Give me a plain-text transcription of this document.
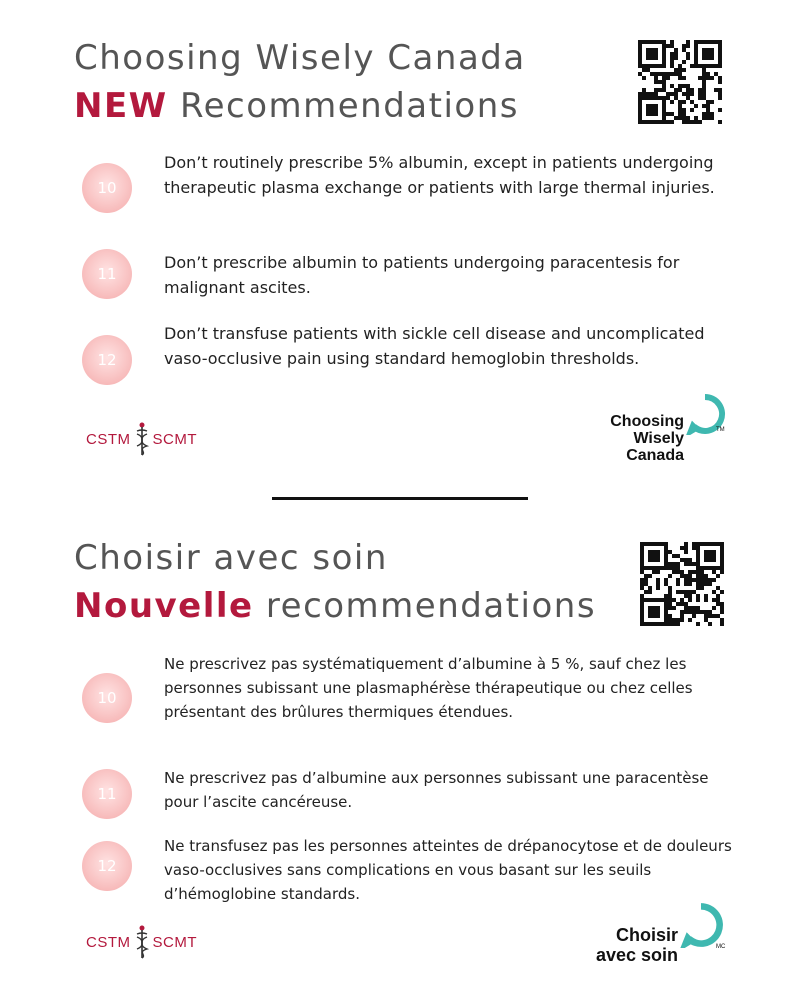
Choosing Wisely Canada
NEW Recommendations
10

Don’t routinely prescribe 5% albumin, except in patients undergoing therapeutic plasma exchange or patients with large thermal injuries.

11

Don’t prescribe albumin to patients undergoing paracentesis for malignant ascites.

12

Don’t transfuse patients with sickle cell disease and uncomplicated vaso-occlusive pain using standard hemoglobin thresholds.

CSTM SCMT
Choosing
Wisely
Canada
TM
Choisir avec soin
Nouvelle recommendations
10

Ne prescrivez pas systématiquement d’albumine à 5 %, sauf chez les personnes subissant une plasmaphérèse thérapeutique ou chez celles présentant des brûlures thermiques étendues.

11

Ne prescrivez pas d’albumine aux personnes subissant une paracentèse pour l’ascite cancéreuse.

12

Ne transfusez pas les personnes atteintes de drépanocytose et de douleurs vaso-occlusives sans complications en vous basant sur les seuils d’hémoglobine standards.

CSTM SCMT	Choisir
avec soin	MC
